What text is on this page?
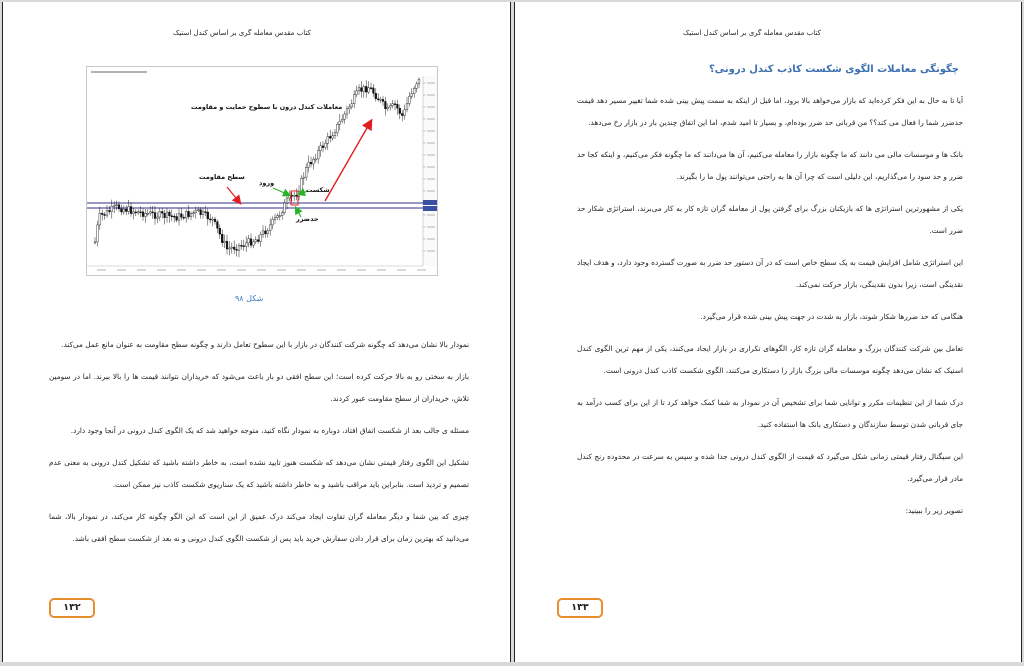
کتاب مقدس معامله گری بر اساس کندل استیک
معاملات کندل درون با سطوح حمایت و مقاومت
سطح مقاومت
ورود
شکست
حدضرر
شکل ۹۸

نمودار بالا نشان می‌دهد که چگونه شرکت کنندگان در بازار با این سطوح تعامل دارند و چگونه سطح مقاومت به عنوان مانع عمل می‌کند.

بازار به سختی رو به بالا حرکت کرده است؛ این سطح افقی دو بار باعث می‌شود که خریداران نتوانند قیمت ها را بالا ببرند. اما در سومین تلاش، خریداران از سطح مقاومت عبور کردند.

مسئله ی جالب بعد از شکست اتفاق افتاد، دوباره به نمودار نگاه کنید، متوجه خواهید شد که یک الگوی کندل درونی در آنجا وجود دارد.

تشکیل این الگوی رفتار قیمتی نشان می‌دهد که شکست هنوز تایید نشده است، به خاطر داشته باشید که تشکیل کندل درونی به معنی عدم تصمیم و تردید است. بنابراین باید مراقب باشید و به خاطر داشته باشید که یک سناریوی شکست کاذب نیز ممکن است.

چیزی که بین شما و دیگر معامله گران تفاوت ایجاد می‌کند درک عمیق از این است که این الگو چگونه کار می‌کند، در نمودار بالا، شما می‌دانید که بهترین زمان برای قرار دادن سفارش خرید باید پس از شکست الگوی کندل درونی و نه بعد از شکست سطح افقی باشد.

۱۳۲
کتاب مقدس معامله گری بر اساس کندل استیک
چگونگی معاملات الگوی شکست کاذب کندل درونی؟

آیا تا به حال به این فکر کرده‌اید که بازار می‌خواهد بالا برود، اما قبل از اینکه به سمت پیش بینی شده شما تغییر مسیر دهد قیمت حدضرر شما را فعال می کند؟؟ من قربانی حد ضرر بوده‌ام، و بسیار تا امید شدم، اما این اتفاق چندین بار در بازار رخ می‌دهد.

بانک ها و موسسات مالی می دانند که ما چگونه بازار را معامله می‌کنیم، آن ها می‌دانند که ما چگونه فکر می‌کنیم، و اینکه کجا حد ضرر و حد سود را می‌گذاریم، این دلیلی است که چرا آن ها به راحتی می‌توانند پول ما را بگیرند.

یکی از مشهورترین استراتژی ها که بازیکنان بزرگ برای گرفتن پول از معامله گران تازه کار به کار می‌برند، استراتژی شکار حد ضرر است.

این استراتژی شامل افزایش قیمت به یک سطح خاص است که در آن دستور حد ضرر به صورت گسترده وجود دارد، و هدف ایجاد نقدینگی است، زیرا بدون نقدینگی، بازار حرکت نمی‌کند.

هنگامی که حد ضررها شکار شوند، بازار به شدت در جهت پیش بینی شده قرار می‌گیرد.

تعامل بین شرکت کنندگان بزرگ و معامله گران تازه کار، الگوهای تکراری در بازار ایجاد می‌کنند، یکی از مهم ترین الگوی کندل استیک که نشان می‌دهد چگونه موسسات مالی بزرگ بازار را دستکاری می‌کنند، الگوی شکست کاذب کندل درونی است.

درک شما از این تنظیمات مکرر و توانایی شما برای تشخیص آن در نمودار به شما کمک خواهد کرد تا از این برای کسب درآمد به جای قربانی شدن توسط سازندگان و دستکاری بانک ها استفاده کنید.

این سیگنال رفتار قیمتی زمانی شکل می‌گیرد که قیمت از الگوی کندل درونی جدا شده و سپس به سرعت در محدوده رنج کندل مادر قرار می‌گیرد.

تصویر زیر را ببینید:

۱۳۳
